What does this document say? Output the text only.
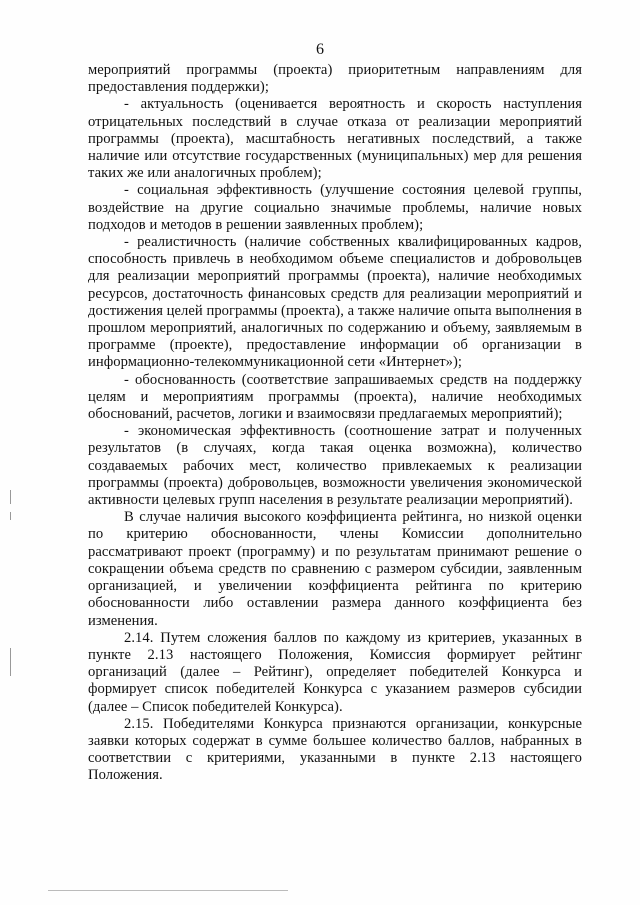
6

мероприятий программы (проекта) приоритетным направлениям для предоставления поддержки);

- актуальность (оценивается вероятность и скорость наступления отрицательных последствий в случае отказа от реализации мероприятий программы (проекта), масштабность негативных последствий, а также наличие или отсутствие государственных (муниципальных) мер для решения таких же или аналогичных проблем);

- социальная эффективность (улучшение состояния целевой группы, воздействие на другие социально значимые проблемы, наличие новых подходов и методов в решении заявленных проблем);

- реалистичность (наличие собственных квалифицированных кадров, способность привлечь в необходимом объеме специалистов и добровольцев для реализации мероприятий программы (проекта), наличие необходимых ресурсов, достаточность финансовых средств для реализации мероприятий и достижения целей программы (проекта), а также наличие опыта выполнения в прошлом мероприятий, аналогичных по содержанию и объему, заявляемым в программе (проекте), предоставление информации об организации в информационно-телекоммуникационной сети «Интернет»);

- обоснованность (соответствие запрашиваемых средств на поддержку целям и мероприятиям программы (проекта), наличие необходимых обоснований, расчетов, логики и взаимосвязи предлагаемых мероприятий);

- экономическая эффективность (соотношение затрат и полученных результатов (в случаях, когда такая оценка возможна), количество создаваемых рабочих мест, количество привлекаемых к реализации программы (проекта) добровольцев, возможности увеличения экономической активности целевых групп населения в результате реализации мероприятий).

В случае наличия высокого коэффициента рейтинга, но низкой оценки по критерию обоснованности, члены Комиссии дополнительно рассматривают проект (программу) и по результатам принимают решение о сокращении объема средств по сравнению с размером субсидии, заявленным организацией, и увеличении коэффициента рейтинга по критерию обоснованности либо оставлении размера данного коэффициента без изменения.

2.14. Путем сложения баллов по каждому из критериев, указанных в пункте 2.13 настоящего Положения, Комиссия формирует рейтинг организаций (далее – Рейтинг), определяет победителей Конкурса и формирует список победителей Конкурса с указанием размеров субсидии (далее – Список победителей Конкурса).

2.15. Победителями Конкурса признаются организации, конкурсные заявки которых содержат в сумме большее количество баллов, набранных в соответствии с критериями, указанными в пункте 2.13 настоящего Положения.
